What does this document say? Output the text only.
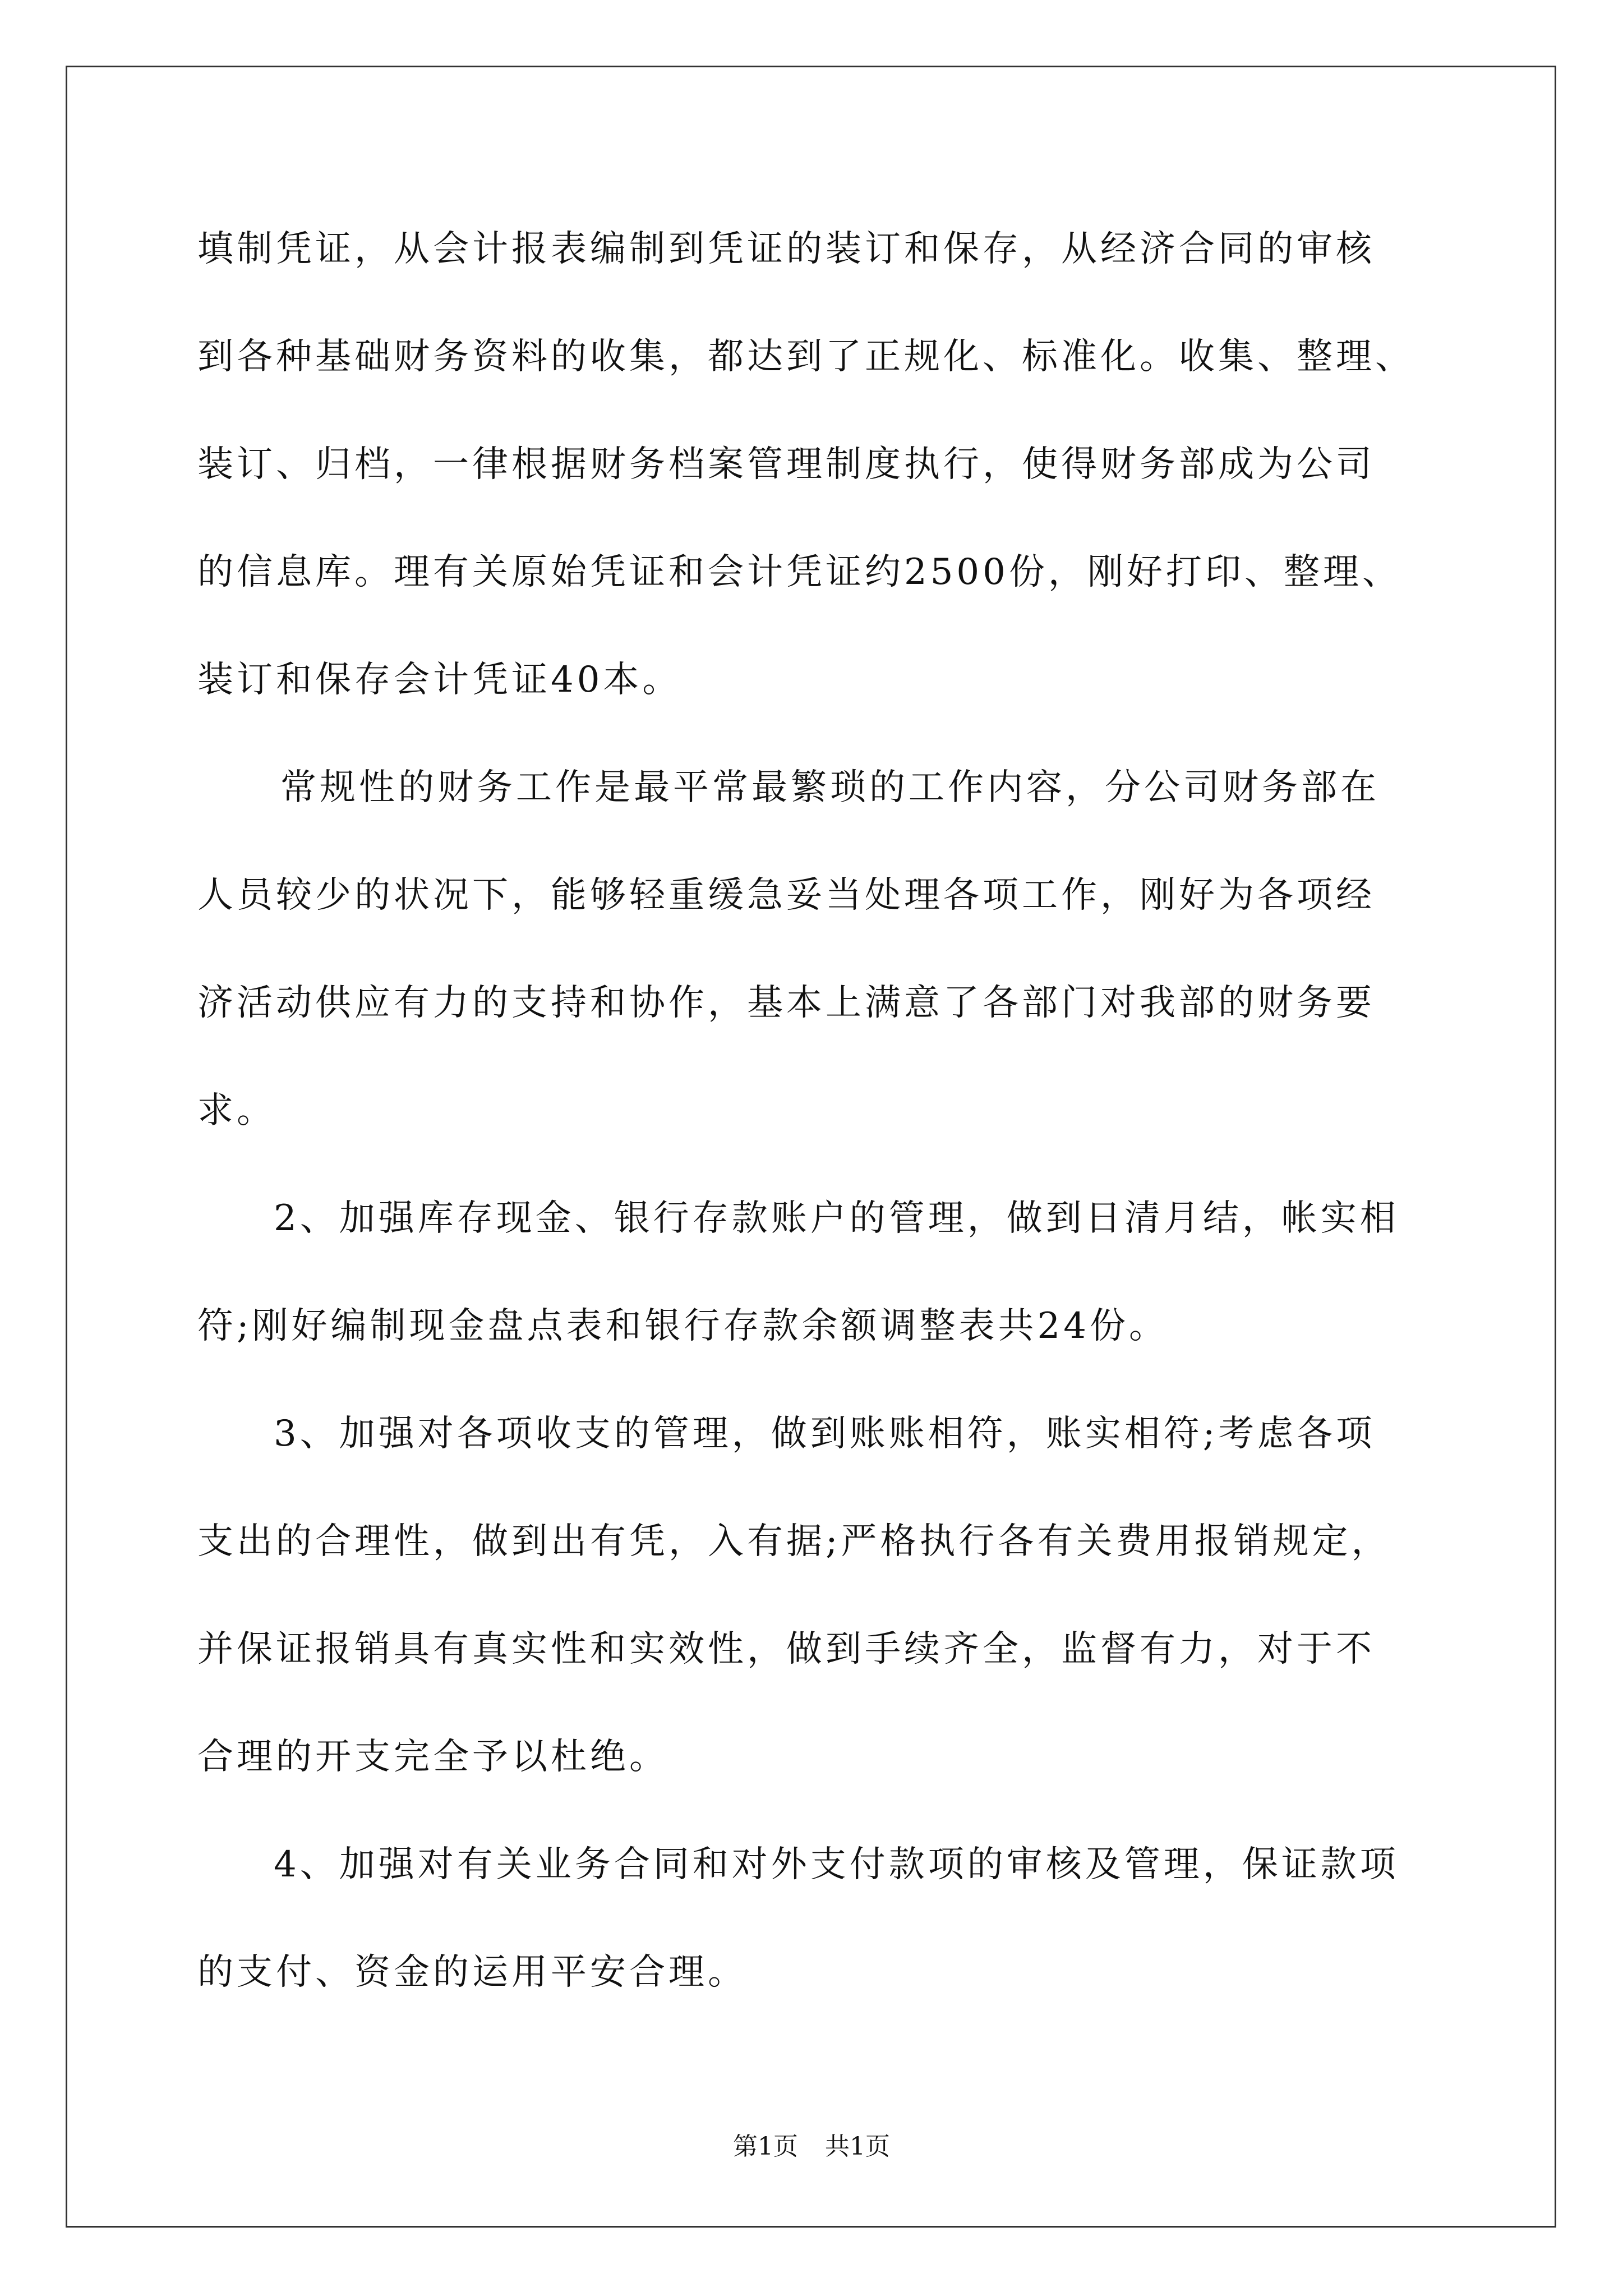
填制凭证，从会计报表编制到凭证的装订和保存，从经济合同的审核
到各种基础财务资料的收集，都达到了正规化、标准化。收集、整理、
装订、归档，一律根据财务档案管理制度执行，使得财务部成为公司
的信息库。理有关原始凭证和会计凭证约2500份，刚好打印、整理、
装订和保存会计凭证40本。
常规性的财务工作是最平常最繁琐的工作内容，分公司财务部在
人员较少的状况下，能够轻重缓急妥当处理各项工作，刚好为各项经
济活动供应有力的支持和协作，基本上满意了各部门对我部的财务要
求。
2、加强库存现金、银行存款账户的管理，做到日清月结，帐实相
符;刚好编制现金盘点表和银行存款余额调整表共24份。
3、加强对各项收支的管理，做到账账相符，账实相符;考虑各项
支出的合理性，做到出有凭，入有据;严格执行各有关费用报销规定，
并保证报销具有真实性和实效性，做到手续齐全，监督有力，对于不
合理的开支完全予以杜绝。
4、加强对有关业务合同和对外支付款项的审核及管理，保证款项
的支付、资金的运用平安合理。
第1页 共1页
